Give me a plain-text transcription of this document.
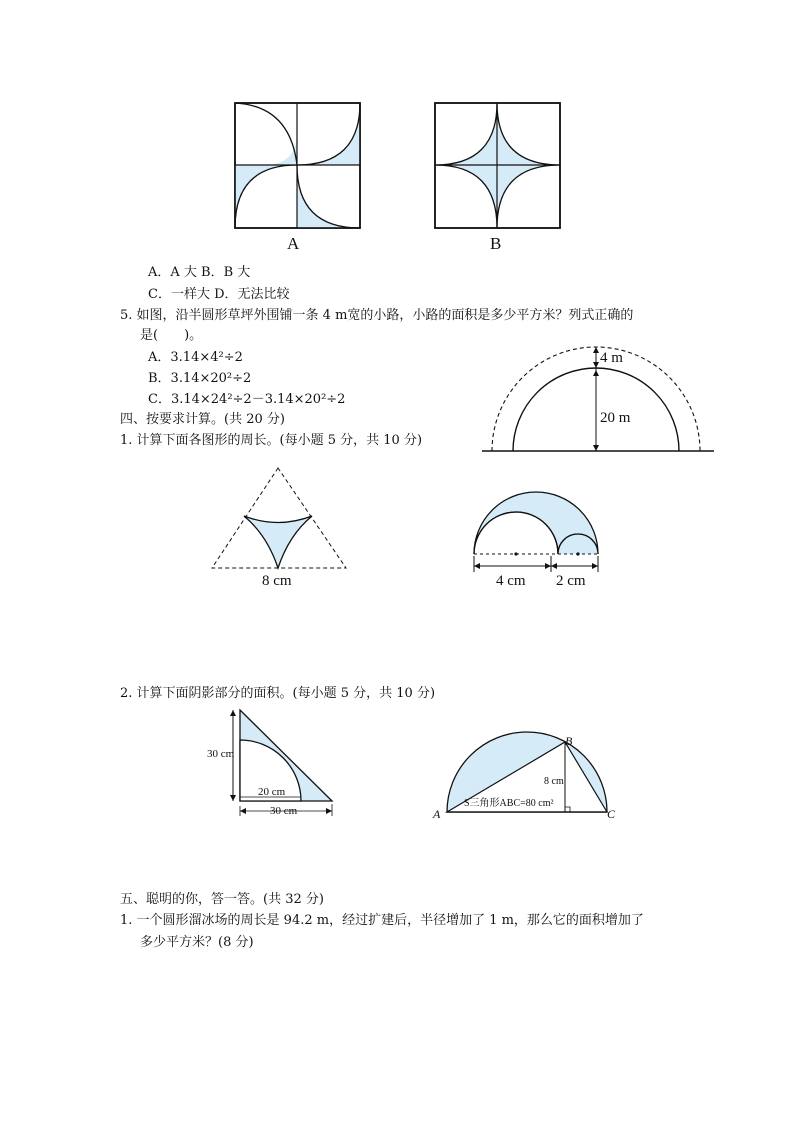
A	B
A．A 大 B．B 大
C．一样大 D．无法比较
5. 如图，沿半圆形草坪外围铺一条 4 m宽的小路，小路的面积是多少平方米？列式正确的
是(　　)。
A．3.14×4²÷2
B．3.14×20²÷2
C．3.14×24²÷2－3.14×20²÷2
4 m
20 m
四、按要求计算。(共 20 分)
1. 计算下面各图形的周长。(每小题 5 分，共 10 分)
8 cm	4 cm 2 cm
2. 计算下面阴影部分的面积。(每小题 5 分，共 10 分)
30 cm
20 cm
30 cm
B
A	C
8 cm
S三角形ABC=80 cm²
五、聪明的你，答一答。(共 32 分)
1. 一个圆形溜冰场的周长是 94.2 m，经过扩建后，半径增加了 1 m，那么它的面积增加了
多少平方米？(8 分)
